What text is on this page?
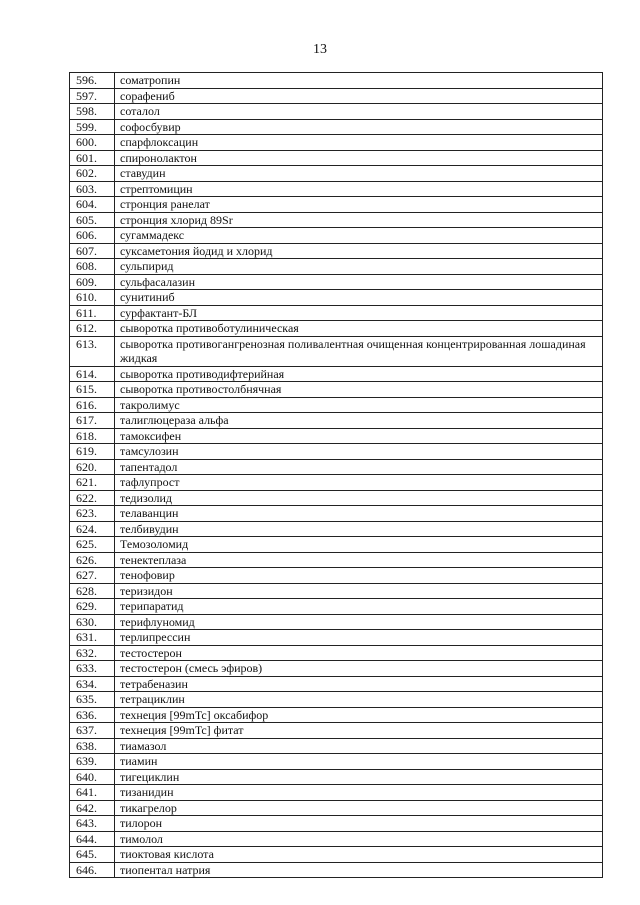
13
596.	соматропин
597.	сорафениб
598.	соталол
599.	софосбувир
600.	спарфлоксацин
601.	спиронолактон
602.	ставудин
603.	стрептомицин
604.	стронция ранелат
605.	стронция хлорид 89Sr
606.	сугаммадекс
607.	суксаметония йодид и хлорид
608.	сульпирид
609.	сульфасалазин
610.	сунитиниб
611.	сурфактант-БЛ
612.	сыворотка противоботулиническая
613.	сыворотка противогангренозная поливалентная очищенная концентрированная лошадиная жидкая
614.	сыворотка противодифтерийная
615.	сыворотка противостолбнячная
616.	такролимус
617.	талиглюцераза альфа
618.	тамоксифен
619.	тамсулозин
620.	тапентадол
621.	тафлупрост
622.	тедизолид
623.	телаванцин
624.	телбивудин
625.	Темозоломид
626.	тенектеплаза
627.	тенофовир
628.	теризидон
629.	терипаратид
630.	терифлуномид
631.	терлипрессин
632.	тестостерон
633.	тестостерон (смесь эфиров)
634.	тетрабеназин
635.	тетрациклин
636.	технеция [99mTc] оксабифор
637.	технеция [99mTc] фитат
638.	тиамазол
639.	тиамин
640.	тигециклин
641.	тизанидин
642.	тикагрелор
643.	тилорон
644.	тимолол
645.	тиоктовая кислота
646.	тиопентал натрия
